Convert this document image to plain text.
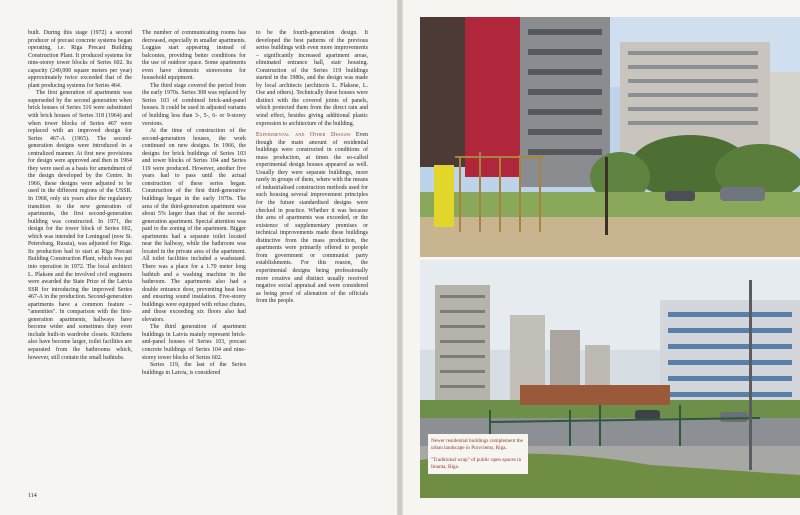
built. During this stage (1972) a second producer of precast concrete systems began operating, i.e. Riga Precast Building Construction Plant. It produced systems for nine-storey tower blocks of Series 602. Its capacity (240,000 square meters per year) approximately twice exceeded that of the plant producing systems for Series 464.

The first generation of apartments was superseded by the second generation when brick houses of Series 316 were substituted with brick houses of Series 318 (1964) and when tower blocks of Series 467 were replaced with an improved design for Series 467-A (1965). The second-generation designs were introduced in a centralized manner. At first new provisions for design were approved and then in 1964 they were used as a basis for amendment of the design developed by the Centre. In 1966, these designs were adjusted to be used in the different regions of the USSR. In 1968, only six years after the regulatory transition to the new generation of apartments, the first second-generation building was constructed. In 1971, the design for the tower block of Series 602, which was intended for Leningrad (now St. Petersburg, Russia), was adjusted for Riga. Its production had to start at Riga Precast Building Construction Plant, which was put into operation in 1972. The local architect L. Plaksne and the involved civil engineers were awarded the State Prize of the Latvia SSR for introducing the improved Series 467-A in the production. Second-generation apartments have a common feature – "amenities". In comparison with the first-generation apartments, hallways have become wider and sometimes they even include built-in wardrobe closets. Kitchens also have become larger, toilet facilities are separated from the bathrooms which, however, still contain the small bathtubs.

The number of communicating rooms has decreased, especially in smaller apartments. Loggias start appearing instead of balconies, providing better conditions for the use of outdoor space. Some apartments even have domestic storerooms for household equipment.

The third stage covered the period from the early 1970s. Series 308 was replaced by Series 103 of combined brick-and-panel houses. It could be used in adjusted variants of building less than 3-, 5-, 6- or 9-storey versions.

At the time of construction of the second-generation houses, the work continued on new designs. In 1966, the designs for brick buildings of Series 103 and tower blocks of Series 104 and Series 119 were produced. However, another five years had to pass until the actual construction of these series began. Construction of the first third-generative buildings began in the early 1970s. The area of the third-generation apartment was about 5% larger than that of the second-generation apartment. Special attention was paid to the zoning of the apartment. Bigger apartments had a separate toilet located near the hallway, while the bathroom was located in the private area of the apartment. All toilet facilities included a washstand. There was a place for a 1.70 meter long bathtub and a washing machine in the bathroom. The apartments also had a double entrance door, preventing heat loss and ensuring sound insulation. Five-storey buildings were equipped with refuse chutes, and those exceeding six floors also had elevators.

The third generation of apartment buildings in Latvia mainly represent brick-and-panel houses of Series 103, precast concrete buildings of Series 104 and nine-storey tower blocks of Series 602.

Series 119, the last of the Series buildings in Latvia, is considered

to be the fourth-generation design. It developed the best patterns of the previous series buildings with even more improvements – significantly increased apartment areas, eliminated entrance hall, stair housing. Construction of the Series 119 buildings started in the 1980s, and the design was made by local architects (architects L. Plaksne, L. Ose and others). Technically these houses were distinct with the covered joints of panels, which protected them from the direct rain and wind effect, besides giving additional plastic expression to architecture of the building.

Experimental and Other Designs Even though the main amount of residential buildings were constructed in conditions of mass production, at times the so-called experimental design houses appeared as well. Usually they were separate buildings, more rarely in groups of them, where with the means of industrialised construction methods used for such housing several improvement principles for the future standardised designs were checked in practice. Whether it was because the area of apartments was exceeded, or the existence of supplementary premises or technical improvements made these buildings distinctive from the mass production, the apartments were primarily offered to people from government or communist party establishments. For this reason, the experimental designs being professionally more creative and distinct usually received negative social appraisal and were considered as being proof of alienation of the officials from the people.

114

Newer residential buildings complement the urban landscape in Purvciems, Riga.

"Traditional wrap" of public open spaces in Imanta, Riga.
